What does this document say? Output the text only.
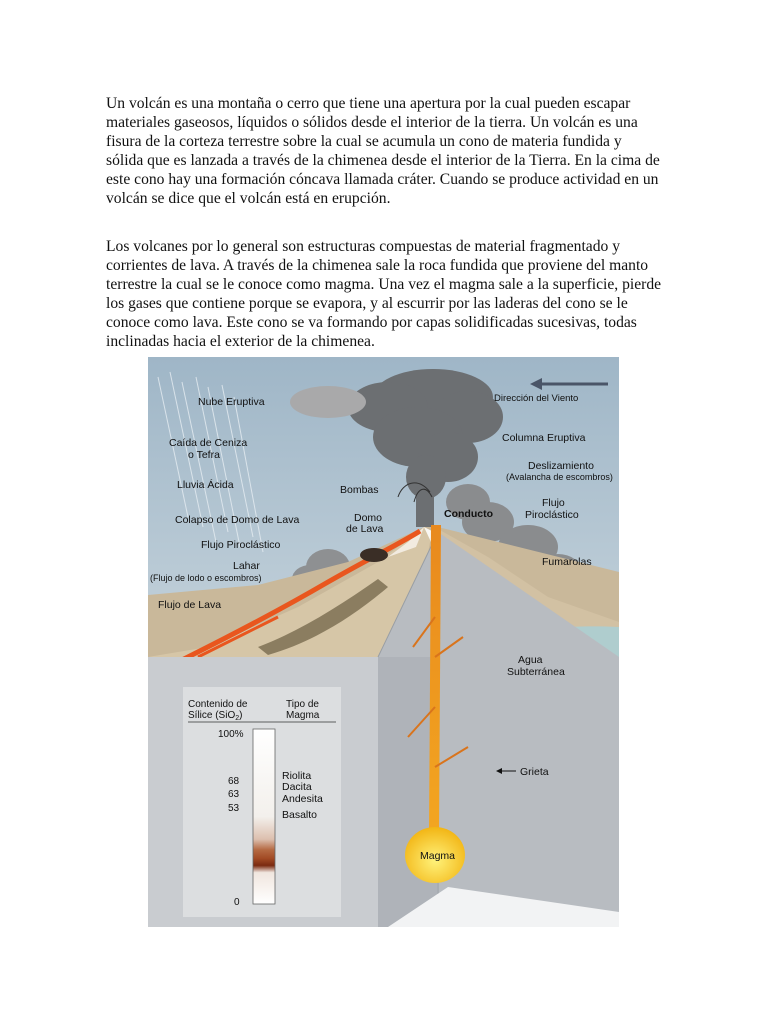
Un volcán es una montaña o cerro que tiene una apertura por la cual pueden escapar materiales gaseosos, líquidos o sólidos desde el interior de la tierra. Un volcán es una fisura de la corteza terrestre sobre la cual se acumula un cono de materia fundida y sólida que es lanzada a través de la chimenea desde el interior de la Tierra. En la cima de este cono hay una formación cóncava llamada cráter. Cuando se produce actividad en un volcán se dice que el volcán está en erupción.

Los volcanes por lo general son estructuras compuestas de material fragmentado y corrientes de lava. A través de la chimenea sale la roca fundida que proviene del manto terrestre la cual se le conoce como magma. Una vez el magma sale a la superficie, pierde los gases que contiene porque se evapora, y al escurrir por las laderas del cono se le conoce como lava. Este cono se va formando por capas solidificadas sucesivas, todas inclinadas hacia el exterior de la chimenea.

Nube Eruptiva	Dirección del Viento
Caída de Ceniza
o Tefra
Columna Eruptiva
Lluvia Ácida
Deslizamiento
(Avalancha de escombros)
Bombas
Flujo
Piroclástico
Domo
de Lava
Conducto
Colapso de Domo de Lava
Flujo Piroclástico
Fumarolas
Lahar
(Flujo de lodo o escombros)
Flujo de Lava
Agua
Subterránea
Grieta
Magma
Contenido de
Sílice (SiO$_2$)
Tipo de
Magma
100%
68
63
53
0
Riolita
Dacita
Andesita
Basalto
